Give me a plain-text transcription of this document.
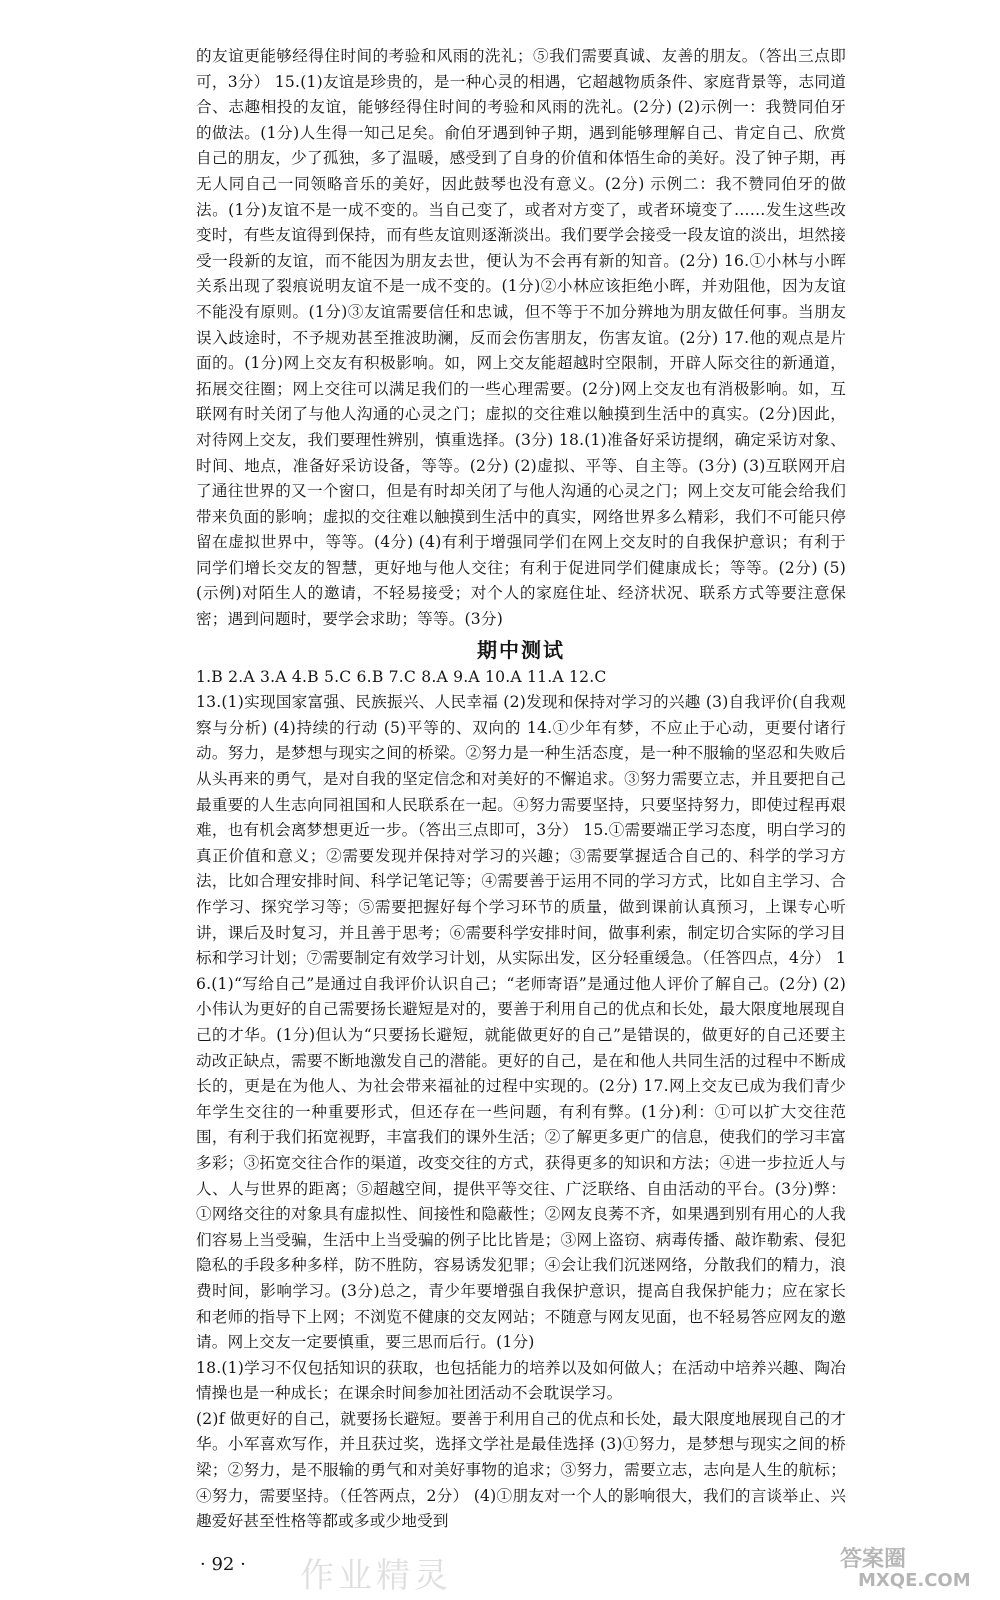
的友谊更能够经得住时间的考验和风雨的洗礼；⑤我们需要真诚、友善的朋友。（答出三点即可，3分） 15.(1)友谊是珍贵的，是一种心灵的相遇，它超越物质条件、家庭背景等，志同道合、志趣相投的友谊，能够经得住时间的考验和风雨的洗礼。(2分) (2)示例一：我赞同伯牙的做法。(1分)人生得一知己足矣。俞伯牙遇到钟子期，遇到能够理解自己、肯定自己、欣赏自己的朋友，少了孤独，多了温暖，感受到了自身的价值和体悟生命的美好。没了钟子期，再无人同自己一同领略音乐的美好，因此鼓琴也没有意义。(2分) 示例二：我不赞同伯牙的做法。(1分)友谊不是一成不变的。当自己变了，或者对方变了，或者环境变了……发生这些改变时，有些友谊得到保持，而有些友谊则逐渐淡出。我们要学会接受一段友谊的淡出，坦然接受一段新的友谊，而不能因为朋友去世，便认为不会再有新的知音。(2分) 16.①小林与小晖关系出现了裂痕说明友谊不是一成不变的。(1分)②小林应该拒绝小晖，并劝阻他，因为友谊不能没有原则。(1分)③友谊需要信任和忠诚，但不等于不加分辨地为朋友做任何事。当朋友误入歧途时，不予规劝甚至推波助澜，反而会伤害朋友，伤害友谊。(2分) 17.他的观点是片面的。(1分)网上交友有积极影响。如，网上交友能超越时空限制，开辟人际交往的新通道，拓展交往圈；网上交往可以满足我们的一些心理需要。(2分)网上交友也有消极影响。如，互联网有时关闭了与他人沟通的心灵之门；虚拟的交往难以触摸到生活中的真实。(2分)因此，对待网上交友，我们要理性辨别，慎重选择。(3分) 18.(1)准备好采访提纲，确定采访对象、时间、地点，准备好采访设备，等等。(2分) (2)虚拟、平等、自主等。(3分) (3)互联网开启了通往世界的又一个窗口，但是有时却关闭了与他人沟通的心灵之门；网上交友可能会给我们带来负面的影响；虚拟的交往难以触摸到生活中的真实，网络世界多么精彩，我们不可能只停留在虚拟世界中，等等。(4分) (4)有利于增强同学们在网上交友时的自我保护意识；有利于同学们增长交友的智慧，更好地与他人交往；有利于促进同学们健康成长；等等。(2分) (5)(示例)对陌生人的邀请，不轻易接受；对个人的家庭住址、经济状况、联系方式等要注意保密；遇到问题时，要学会求助；等等。(3分)

期中测试

1.B 2.A 3.A 4.B 5.C 6.B 7.C 8.A 9.A 10.A 11.A 12.C

13.(1)实现国家富强、民族振兴、人民幸福 (2)发现和保持对学习的兴趣 (3)自我评价(自我观察与分析) (4)持续的行动 (5)平等的、双向的 14.①少年有梦，不应止于心动，更要付诸行动。努力，是梦想与现实之间的桥梁。②努力是一种生活态度，是一种不服输的坚忍和失败后从头再来的勇气，是对自我的坚定信念和对美好的不懈追求。③努力需要立志，并且要把自己最重要的人生志向同祖国和人民联系在一起。④努力需要坚持，只要坚持努力，即使过程再艰难，也有机会离梦想更近一步。（答出三点即可，3分） 15.①需要端正学习态度，明白学习的真正价值和意义；②需要发现并保持对学习的兴趣；③需要掌握适合自己的、科学的学习方法，比如合理安排时间、科学记笔记等；④需要善于运用不同的学习方式，比如自主学习、合作学习、探究学习等；⑤需要把握好每个学习环节的质量，做到课前认真预习，上课专心听讲，课后及时复习，并且善于思考；⑥需要科学安排时间，做事利索，制定切合实际的学习目标和学习计划；⑦需要制定有效学习计划，从实际出发，区分轻重缓急。（任答四点，4分） 16.(1)“写给自己”是通过自我评价认识自己；“老师寄语”是通过他人评价了解自己。(2分) (2)小伟认为更好的自己需要扬长避短是对的，要善于利用自己的优点和长处，最大限度地展现自己的才华。(1分)但认为“只要扬长避短，就能做更好的自己”是错误的，做更好的自己还要主动改正缺点，需要不断地激发自己的潜能。更好的自己，是在和他人共同生活的过程中不断成长的，更是在为他人、为社会带来福祉的过程中实现的。(2分) 17.网上交友已成为我们青少年学生交往的一种重要形式，但还存在一些问题，有利有弊。(1分)利：①可以扩大交往范围，有利于我们拓宽视野，丰富我们的课外生活；②了解更多更广的信息，使我们的学习丰富多彩；③拓宽交往合作的渠道，改变交往的方式，获得更多的知识和方法；④进一步拉近人与人、人与世界的距离；⑤超越空间，提供平等交往、广泛联络、自由活动的平台。(3分)弊：①网络交往的对象具有虚拟性、间接性和隐蔽性；②网友良莠不齐，如果遇到别有用心的人我们容易上当受骗，生活中上当受骗的例子比比皆是；③网上盗窃、病毒传播、敲诈勒索、侵犯隐私的手段多种多样，防不胜防，容易诱发犯罪；④会让我们沉迷网络，分散我们的精力，浪费时间，影响学习。(3分)总之，青少年要增强自我保护意识，提高自我保护能力；应在家长和老师的指导下上网；不浏览不健康的交友网站；不随意与网友见面，也不轻易答应网友的邀请。网上交友一定要慎重，要三思而后行。(1分)

18.(1)学习不仅包括知识的获取，也包括能力的培养以及如何做人；在活动中培养兴趣、陶冶情操也是一种成长；在课余时间参加社团活动不会耽误学习。

(2)f 做更好的自己，就要扬长避短。要善于利用自己的优点和长处，最大限度地展现自己的才华。小军喜欢写作，并且获过奖，选择文学社是最佳选择 (3)①努力，是梦想与现实之间的桥梁；②努力，是不服输的勇气和对美好事物的追求；③努力，需要立志，志向是人生的航标；④努力，需要坚持。（任答两点，2分） (4)①朋友对一个人的影响很大，我们的言谈举止、兴趣爱好甚至性格等都或多或少地受到

· 92 · 作业精灵	答案圈
MXQE.COM
